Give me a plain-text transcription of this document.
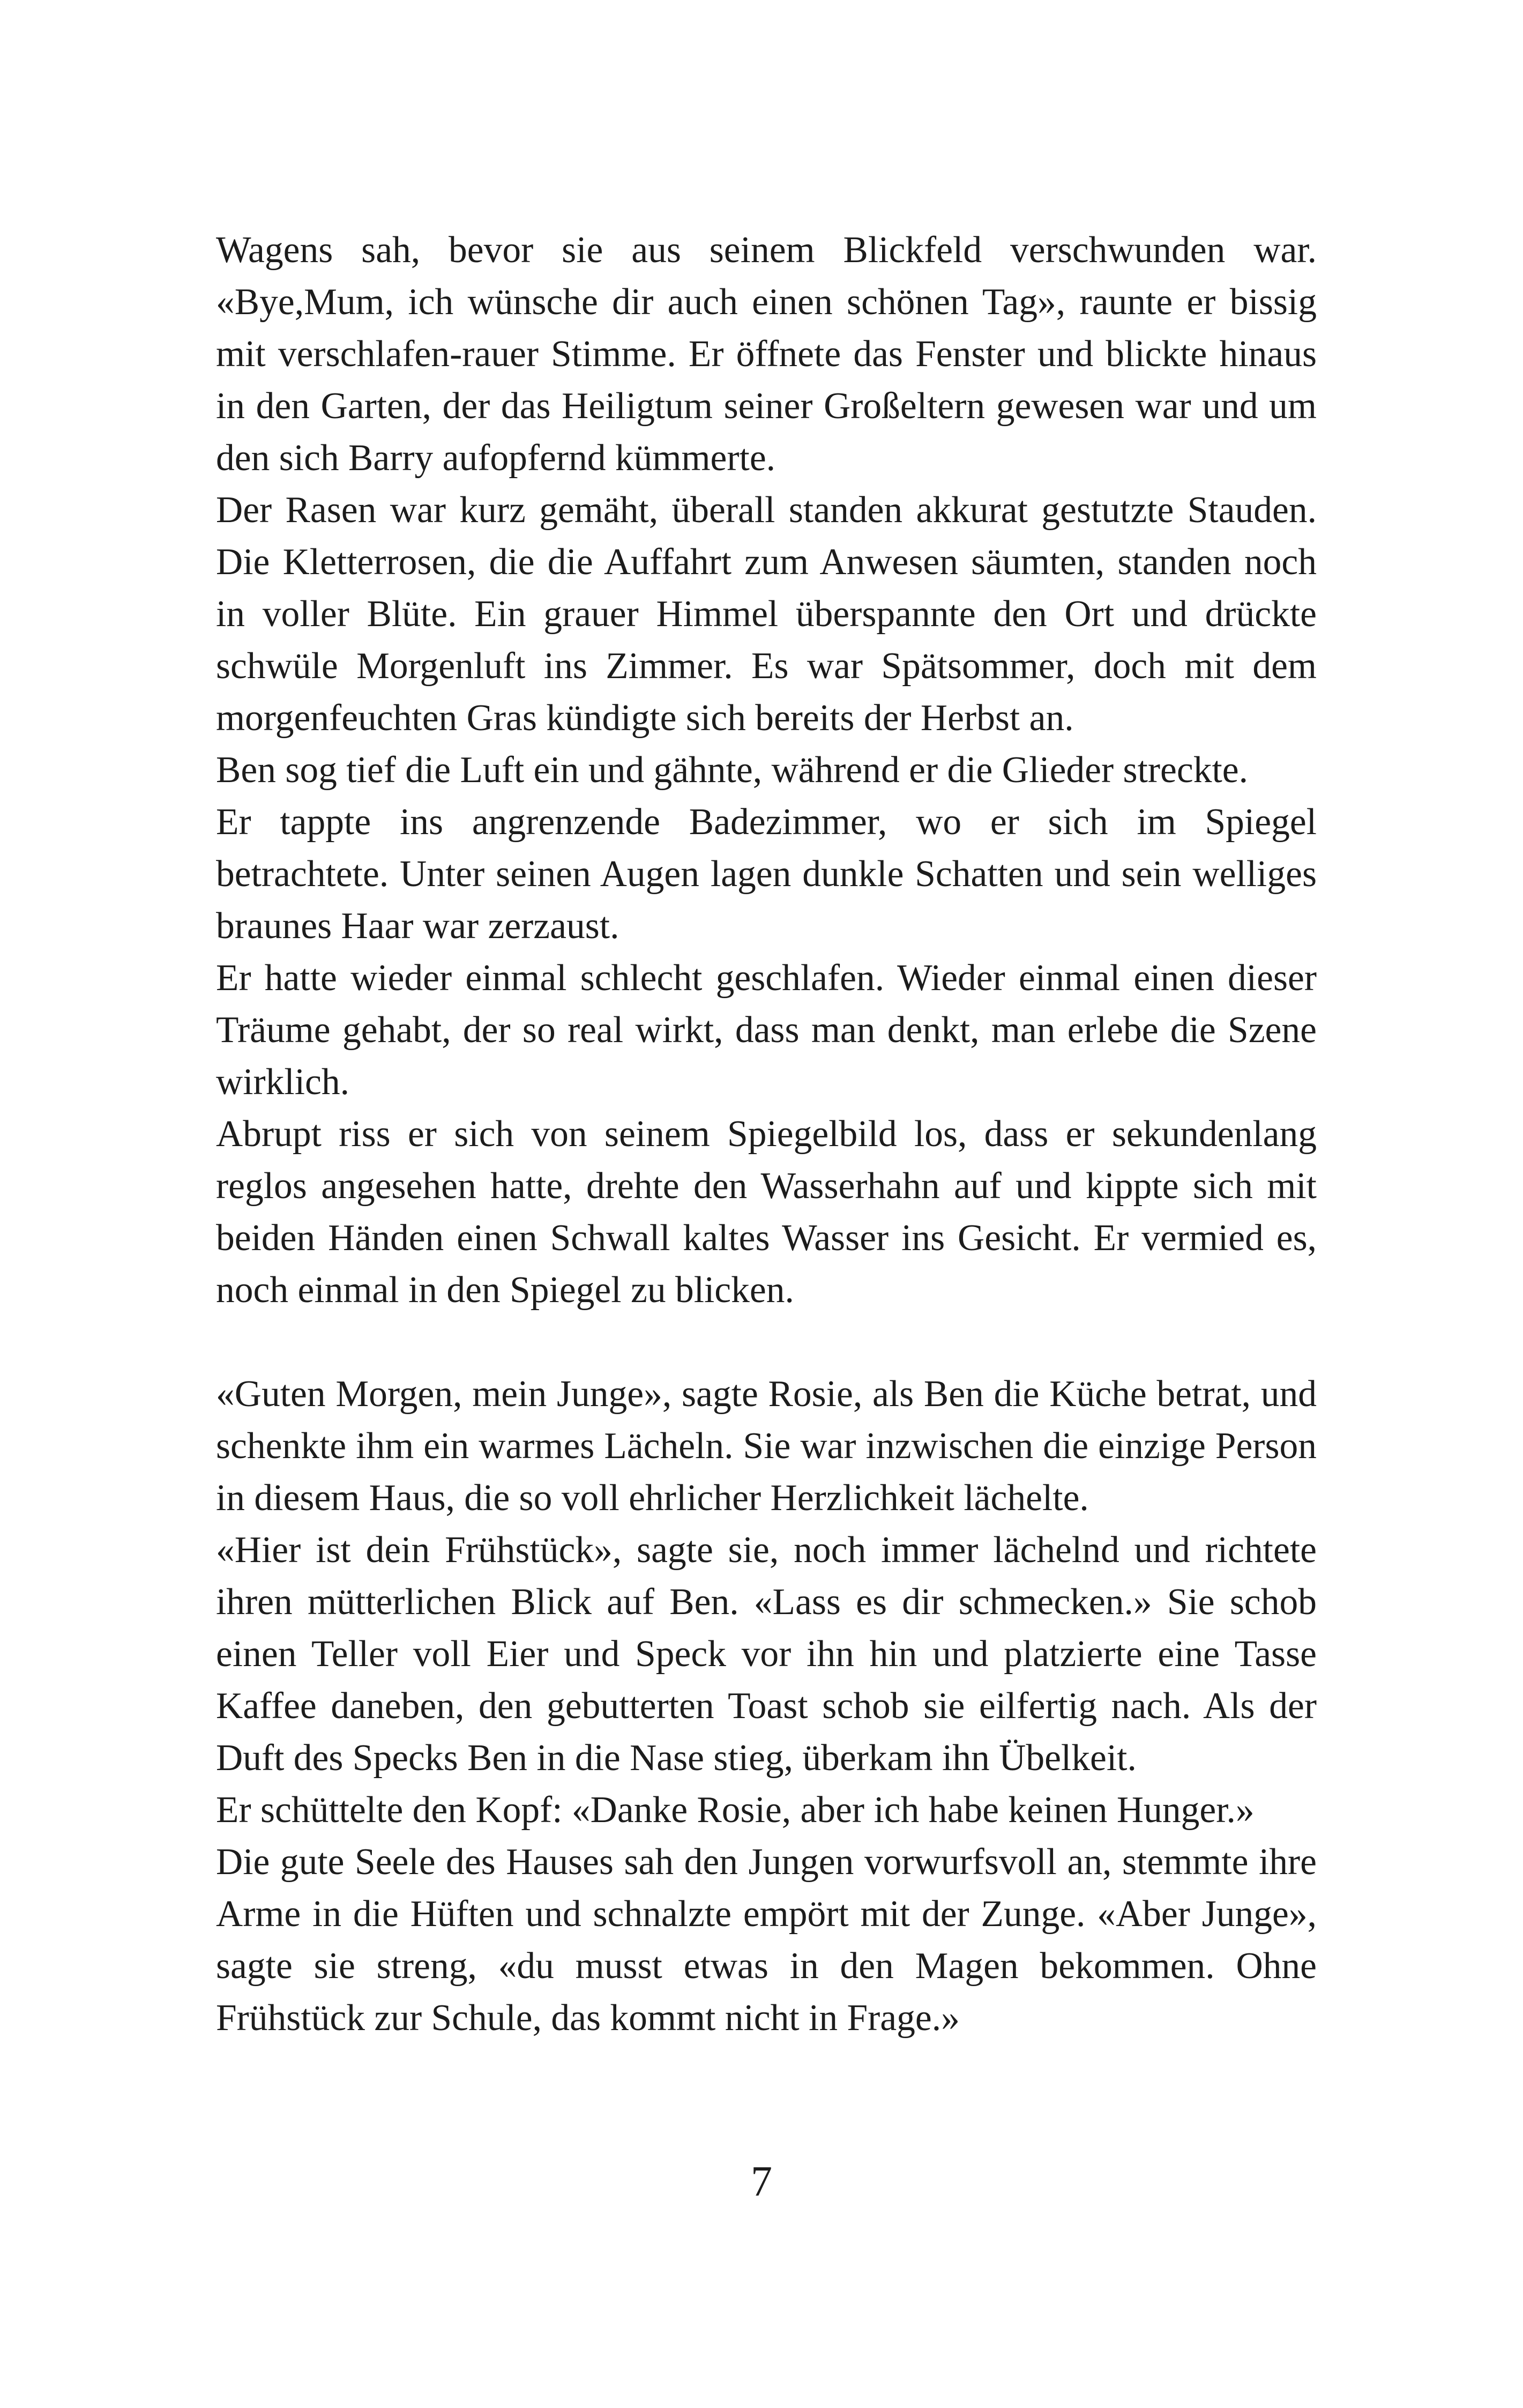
Wagens sah, bevor sie aus seinem Blickfeld verschwunden war. «Bye,Mum, ich wünsche dir auch einen schönen Tag», raunte er bissig mit verschlafen-rauer Stimme. Er öffnete das Fenster und blickte hinaus in den Garten, der das Heiligtum seiner Großeltern gewesen war und um den sich Barry aufopfernd kümmerte.

Der Rasen war kurz gemäht, überall standen akkurat gestutzte Stauden. Die Kletterrosen, die die Auffahrt zum Anwesen säumten, standen noch in voller Blüte. Ein grauer Himmel überspannte den Ort und drückte schwüle Morgenluft ins Zimmer. Es war Spätsommer, doch mit dem morgenfeuchten Gras kündigte sich bereits der Herbst an.

Ben sog tief die Luft ein und gähnte, während er die Glieder streckte.

Er tappte ins angrenzende Badezimmer, wo er sich im Spiegel betrachtete. Unter seinen Augen lagen dunkle Schatten und sein welliges braunes Haar war zerzaust.

Er hatte wieder einmal schlecht geschlafen. Wieder einmal einen dieser Träume gehabt, der so real wirkt, dass man denkt, man erlebe die Szene wirklich.

Abrupt riss er sich von seinem Spiegelbild los, dass er sekundenlang reglos angesehen hatte, drehte den Wasserhahn auf und kippte sich mit beiden Händen einen Schwall kaltes Wasser ins Gesicht. Er vermied es, noch einmal in den Spiegel zu blicken.

«Guten Morgen, mein Junge», sagte Rosie, als Ben die Küche betrat, und schenkte ihm ein warmes Lächeln. Sie war inzwischen die einzige Person in diesem Haus, die so voll ehrlicher Herzlichkeit lächelte.

«Hier ist dein Frühstück», sagte sie, noch immer lächelnd und richtete ihren mütterlichen Blick auf Ben. «Lass es dir schmecken.» Sie schob einen Teller voll Eier und Speck vor ihn hin und platzierte eine Tasse Kaffee daneben, den gebutterten Toast schob sie eilfertig nach. Als der Duft des Specks Ben in die Nase stieg, überkam ihn Übelkeit.

Er schüttelte den Kopf: «Danke Rosie, aber ich habe keinen Hunger.»

Die gute Seele des Hauses sah den Jungen vorwurfsvoll an, stemmte ihre Arme in die Hüften und schnalzte empört mit der Zunge. «Aber Junge», sagte sie streng, «du musst etwas in den Magen bekommen. Ohne Frühstück zur Schule, das kommt nicht in Frage.»

7
